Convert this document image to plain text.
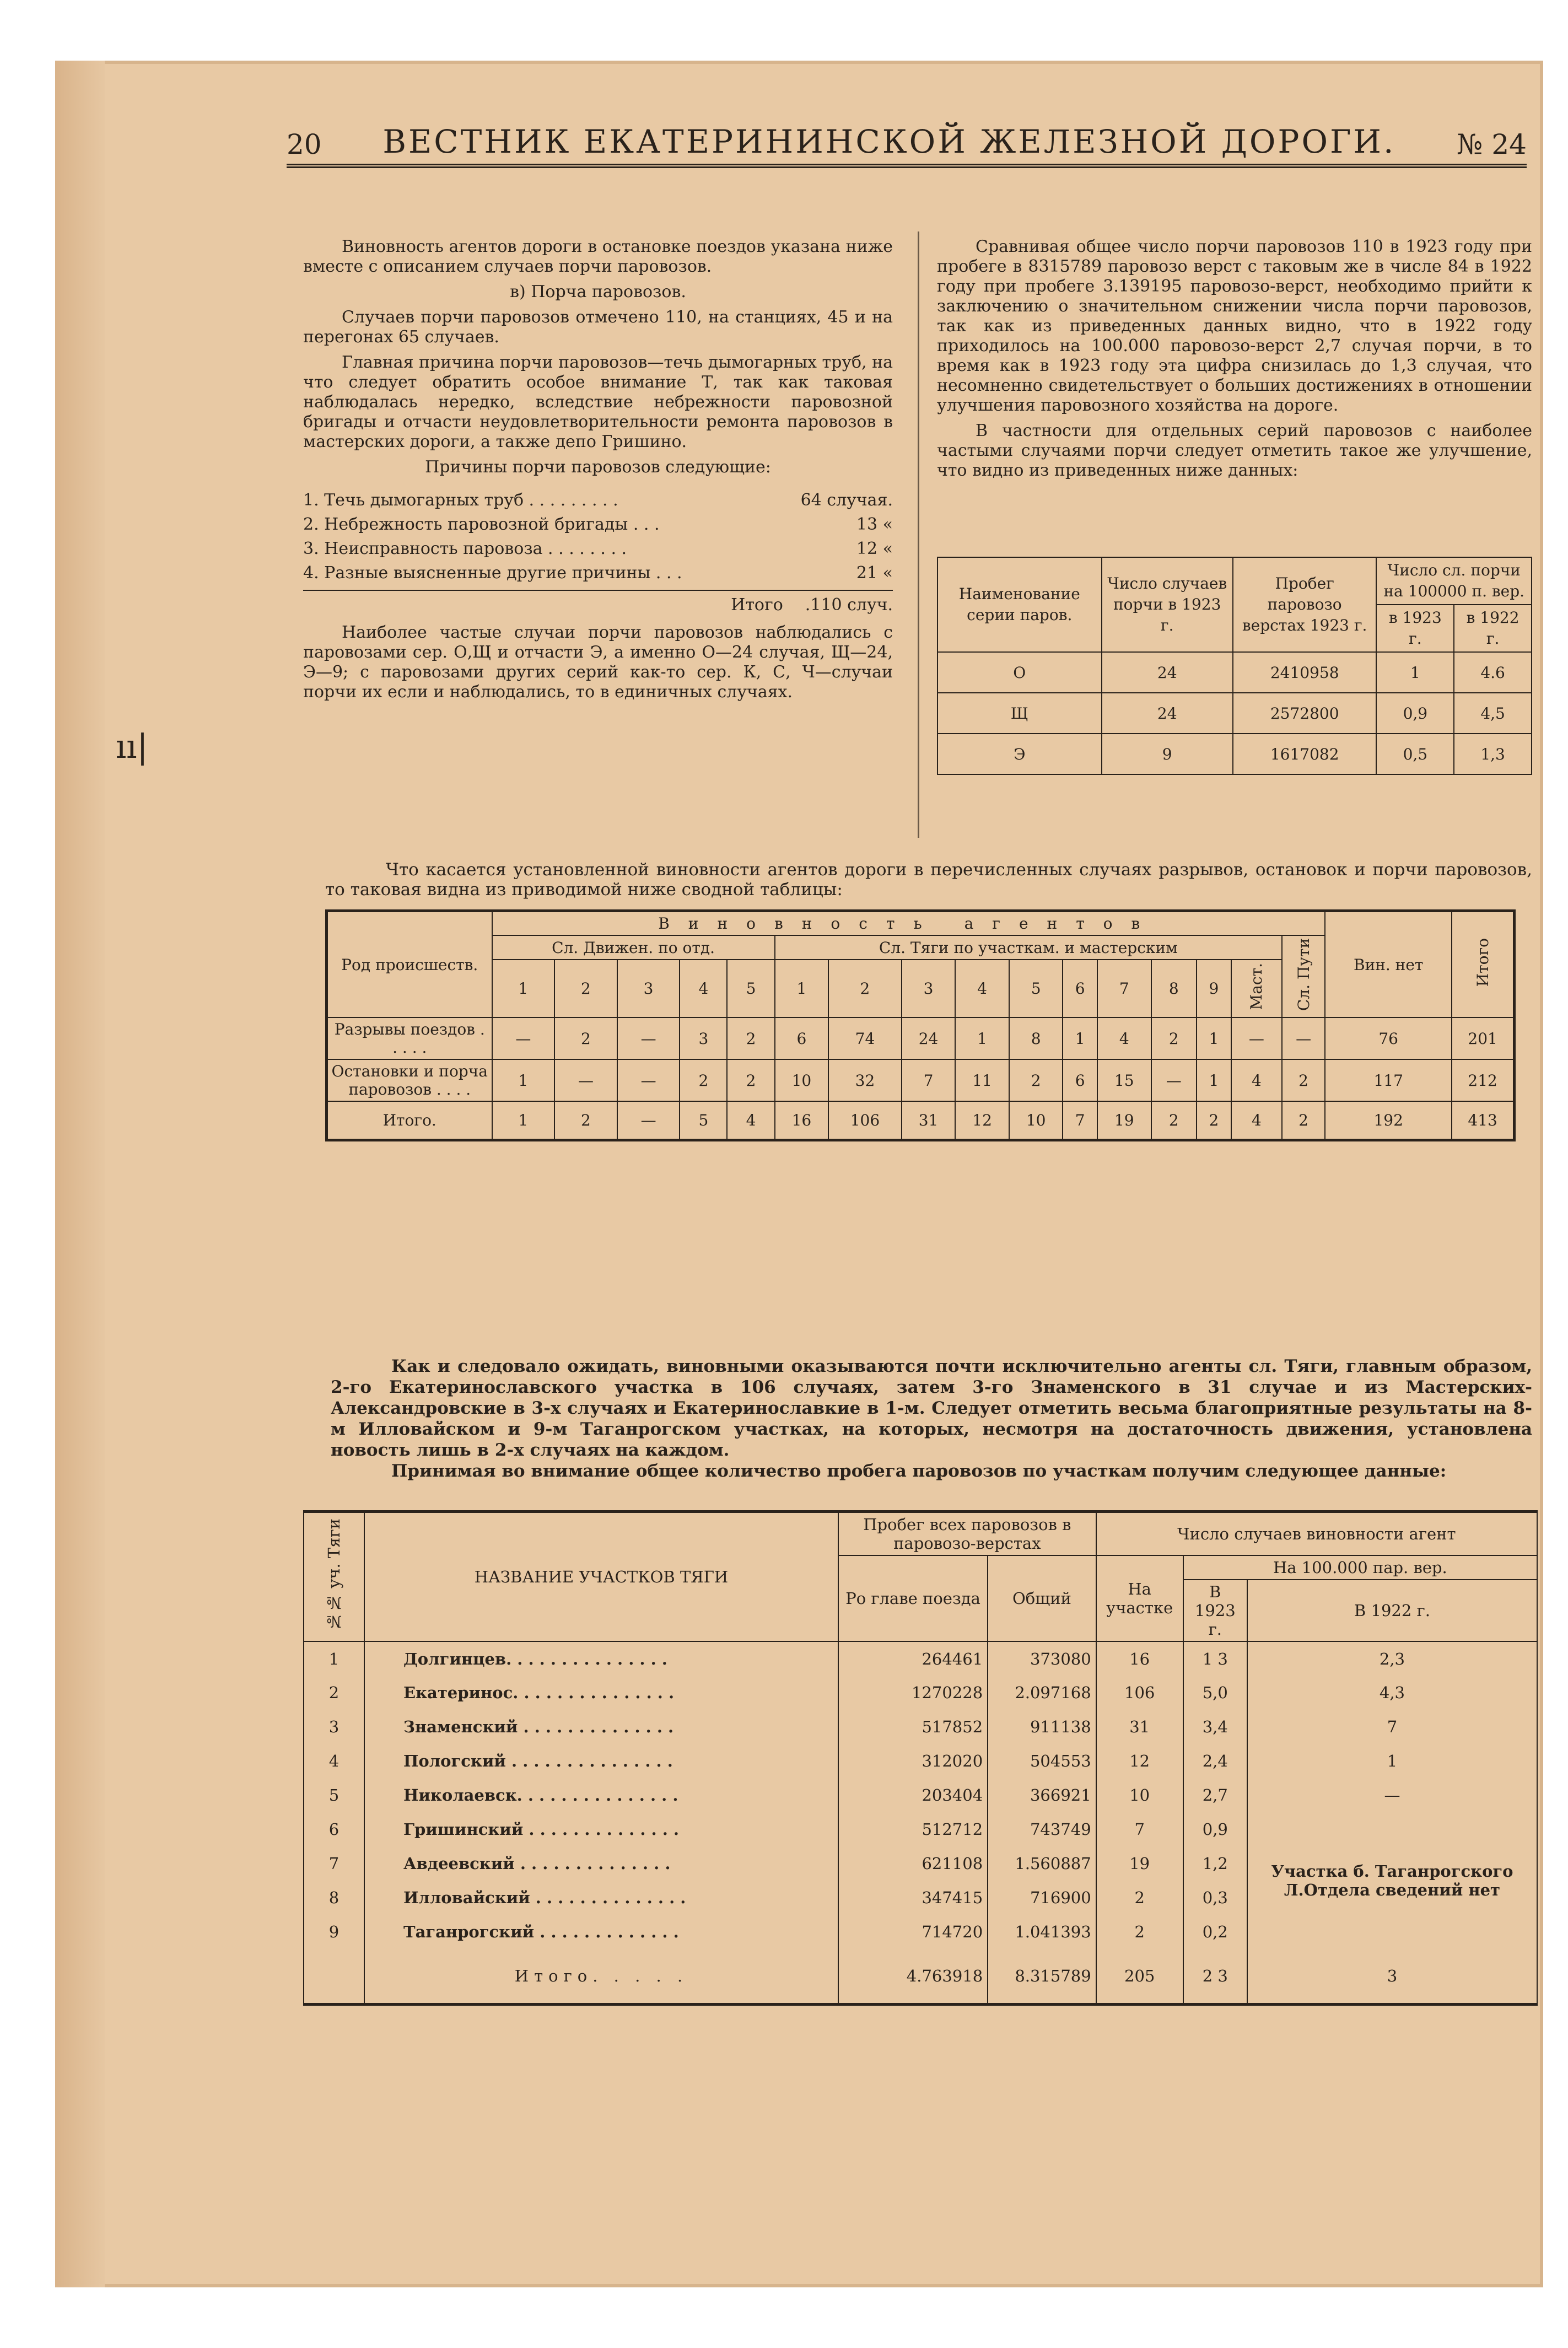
ıı|
20 ВЕСТНИК ЕКАТЕРИНИНСКОЙ ЖЕЛЕЗНОЙ ДОРОГИ. № 24

Виновность агентов дороги в остановке поездов указана ниже вместе с описанием случаев порчи паровозов.

в) Порча паровозов.

Случаев порчи паровозов отмечено 110, на станциях, 45 и на перегонах 65 случаев.

Главная причина порчи паровозов—течь дымогарных труб, на что следует обратить особое внимание Т, так как таковая наблюдалась нередко, вследствие небрежности паровозной бригады и отчасти неудовлетворительности ремонта паровозов в мастерских дороги, а также депо Гришино.

Причины порчи паровозов следующие:

1. Течь дымогарных труб . . . . . . . . .	64 случая.
2. Небрежность паровозной бригады . . .	13 «
3. Неисправность паровоза . . . . . . . .	12 «
4. Разные выясненные другие причины . . .	21 «
Итого .110 случ.

Наиболее частые случаи порчи паровозов наблюдались с паровозами сер. О,Щ и отчасти Э, а именно О—24 случая, Щ—24, Э—9; с паровозами других серий как-то сер. К, С, Ч—случаи порчи их если и наблюдались, то в единичных случаях.

Сравнивая общее число порчи паровозов 110 в 1923 году при пробеге в 8315789 паровозо верст с таковым же в числе 84 в 1922 году при пробеге 3.139195 паровозо-верст, необходимо прийти к заключению о значительном снижении числа порчи паровозов, так как из приведенных данных видно, что в 1922 году приходилось на 100.000 паровозо-верст 2,7 случая порчи, в то время как в 1923 году эта цифра снизилась до 1,3 случая, что несомненно свидетельствует о больших достижениях в отношении улучшения паровозного хозяйства на дороге.

В частности для отдельных серий паровозов с наиболее частыми случаями порчи следует отметить такое же улучшение, что видно из приведенных ниже данных:

Наименование серии паров.	Число случаев порчи в 1923 г.	Пробег паровозо верстах 1923 г.	Число сл. порчи на 100000 п. вер.	
			в 1923 г.	в 1922 г.
О	24	2410958	1	4.6
Щ	24	2572800	0,9	4,5
Э	9	1617082	0,5	1,3

Что касается установленной виновности агентов дороги в перечисленных случаях разрывов, остановок и порчи паровозов, то таковая видна из приводимой ниже сводной таблицы:

Род происшеств.	Виновность агентов																Вин. нет	Итого
	Сл. Движен. по отд.					Сл. Тяги по участкам. и мастерским										Сл. Пути		
	1	2	3	4	5	1	2	3	4	5	6	7	8	9	Маст.			
Разрывы поездов . . . . .	—	2	—	3	2	6	74	24	1	8	1	4	2	1	—	—	76	201
Остановки и порча паровозов . . . .	1	—	—	2	2	10	32	7	11	2	6	15	—	1	4	2	117	212
Итого.	1	2	—	5	4	16	106	31	12	10	7	19	2	2	4	2	192	413

Как и следовало ожидать, виновными оказываются почти исключительно агенты сл. Тяги, главным образом, 2-го Екатеринославского участка в 106 случаях, затем 3-го Знаменского в 31 случае и из Мастерских-Александровские в 3-х случаях и Екатеринославкие в 1-м. Следует отметить весьма благоприятные результаты на 8-м Илловайском и 9-м Таганрогском участках, на которых, несмотря на достаточность движения, установлена новость лишь в 2-х случаях на каждом.

Принимая во внимание общее количество пробега паровозов по участкам получим следующее данные:

№№ уч. Тяги	НАЗВАНИЕ УЧАСТКОВ ТЯГИ	Пробег всех паровозов в паровозо-верстах		Число случаев виновности агент		
		Ро главе поезда	Общий	На участке	На 100.000 пар. вер.	
					В 1923 г.	В 1922 г.
1	Долгинцев. . . . . . . . . . . . . . .	264461	373080	16	1 3	2,3
2	Екатеринос. . . . . . . . . . . . . . .	1270228	2.097168	106	5,0	4,3
3	Знаменский . . . . . . . . . . . . . .	517852	911138	31	3,4	7
4	Пологский . . . . . . . . . . . . . . .	312020	504553	12	2,4	1
5	Николаевск. . . . . . . . . . . . . . .	203404	366921	10	2,7	—
6	Гришинский . . . . . . . . . . . . . .	512712	743749	7	0,9	Участка б. Таганрогского Л.Отдела сведений нет
7	Авдеевский . . . . . . . . . . . . . .	621108	1.560887	19	1,2	
8	Илловайский . . . . . . . . . . . . . .	347415	716900	2	0,3	
9	Таганрогский . . . . . . . . . . . . .	714720	1.041393	2	0,2	
	Итого. . . . .	4.763918	8.315789	205	2 3	3
